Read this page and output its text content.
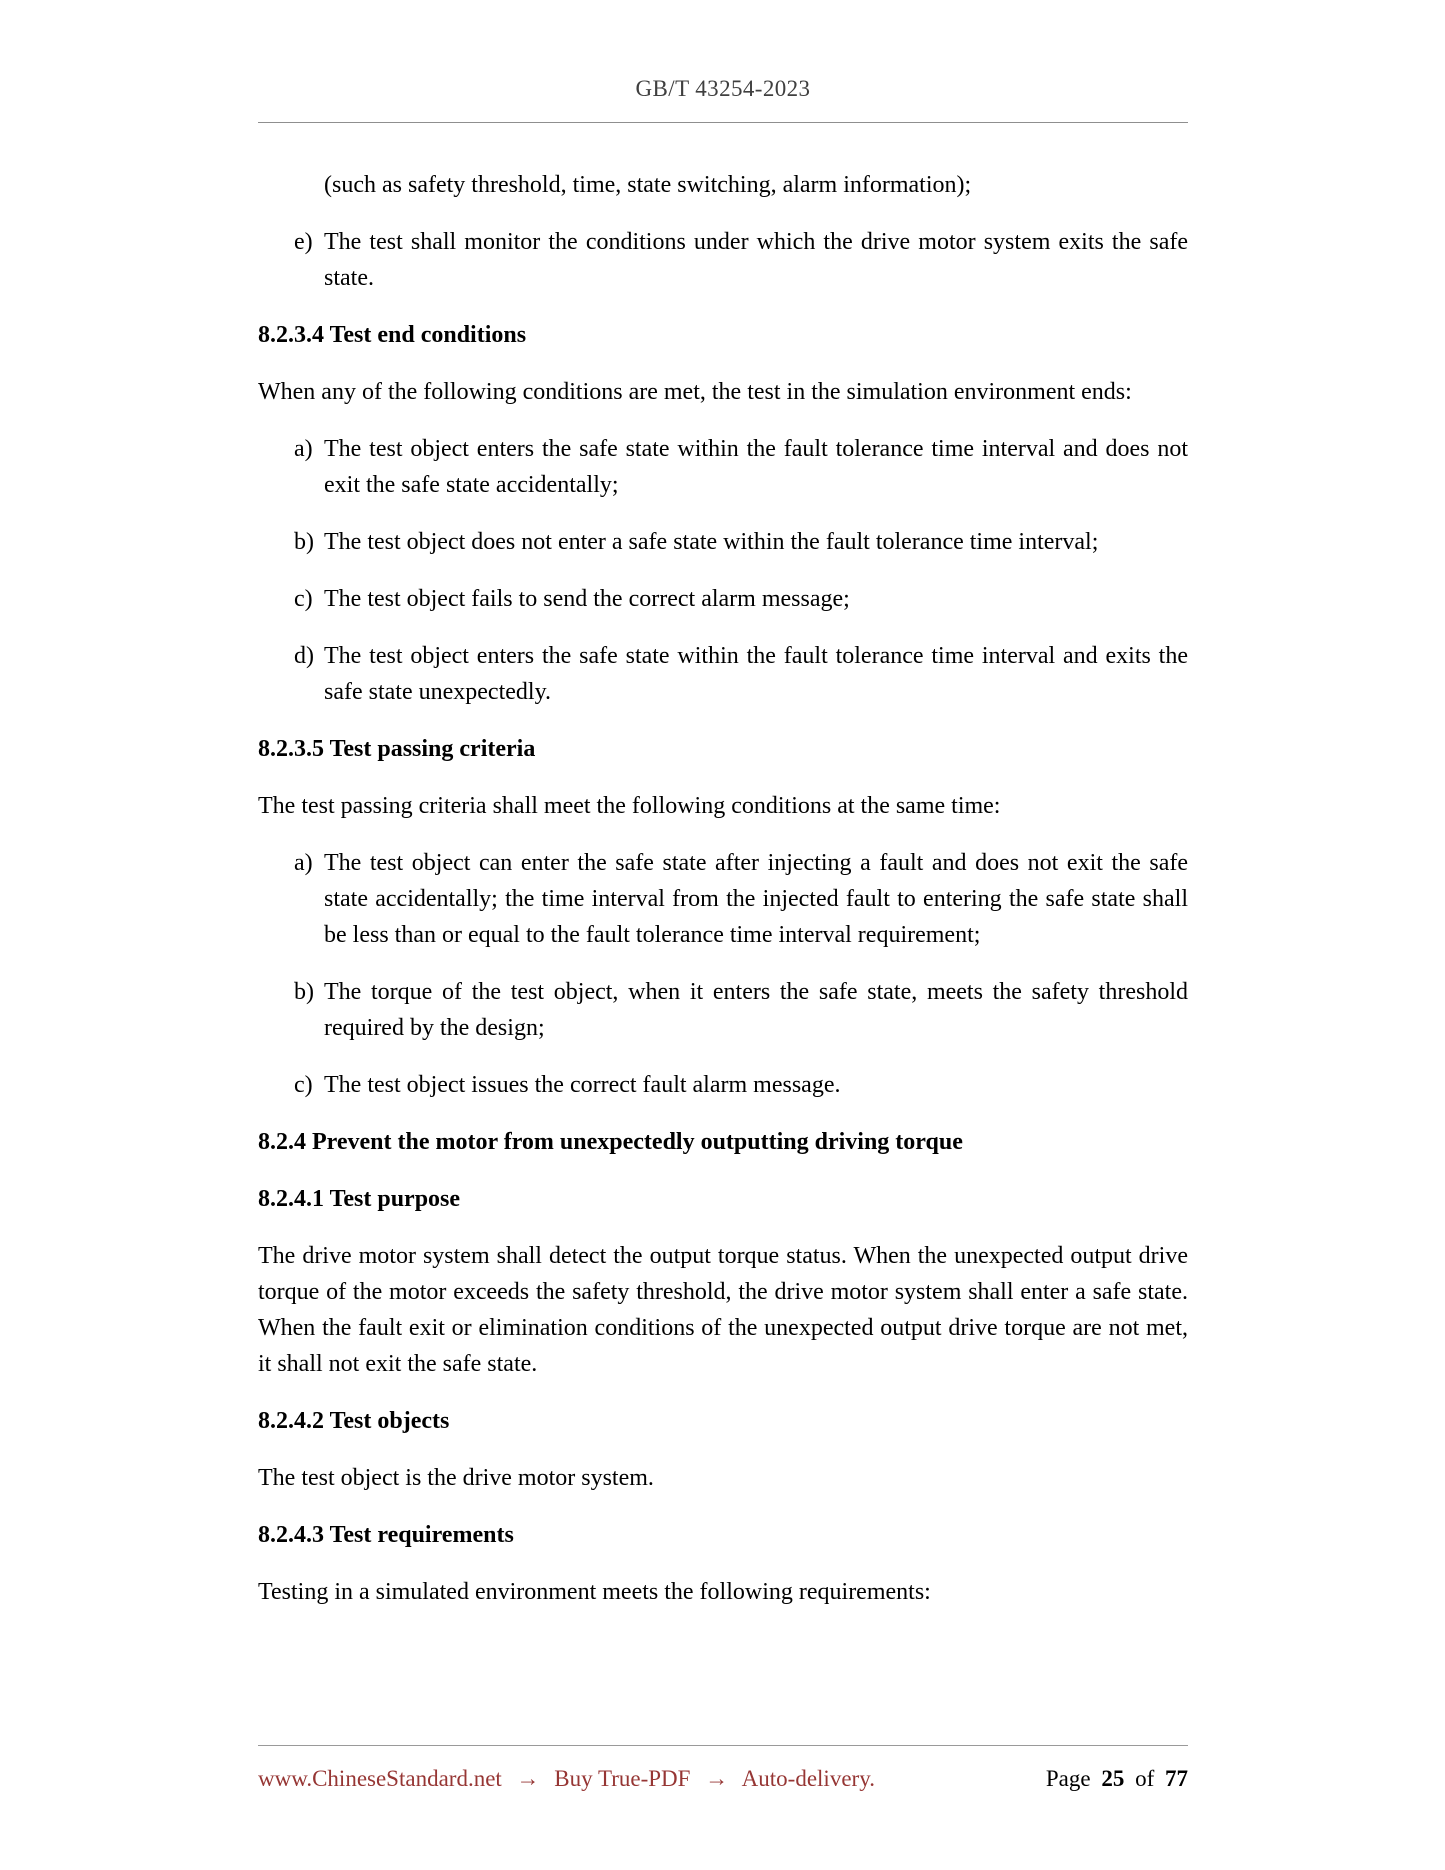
GB/T 43254-2023
(such as safety threshold, time, state switching, alarm information);
e) The test shall monitor the conditions under which the drive motor system exits the safe state.
8.2.3.4 Test end conditions
When any of the following conditions are met, the test in the simulation environment ends:
a) The test object enters the safe state within the fault tolerance time interval and does not exit the safe state accidentally;
b) The test object does not enter a safe state within the fault tolerance time interval;
c) The test object fails to send the correct alarm message;
d) The test object enters the safe state within the fault tolerance time interval and exits the safe state unexpectedly.
8.2.3.5 Test passing criteria
The test passing criteria shall meet the following conditions at the same time:
a) The test object can enter the safe state after injecting a fault and does not exit the safe state accidentally; the time interval from the injected fault to entering the safe state shall be less than or equal to the fault tolerance time interval requirement;
b) The torque of the test object, when it enters the safe state, meets the safety threshold required by the design;
c) The test object issues the correct fault alarm message.
8.2.4 Prevent the motor from unexpectedly outputting driving torque
8.2.4.1 Test purpose
The drive motor system shall detect the output torque status. When the unexpected output drive torque of the motor exceeds the safety threshold, the drive motor system shall enter a safe state. When the fault exit or elimination conditions of the unexpected output drive torque are not met, it shall not exit the safe state.
8.2.4.2 Test objects
The test object is the drive motor system.
8.2.4.3 Test requirements
Testing in a simulated environment meets the following requirements:
www.ChineseStandard.net → Buy True-PDF → Auto-delivery.	Page 25 of 77
